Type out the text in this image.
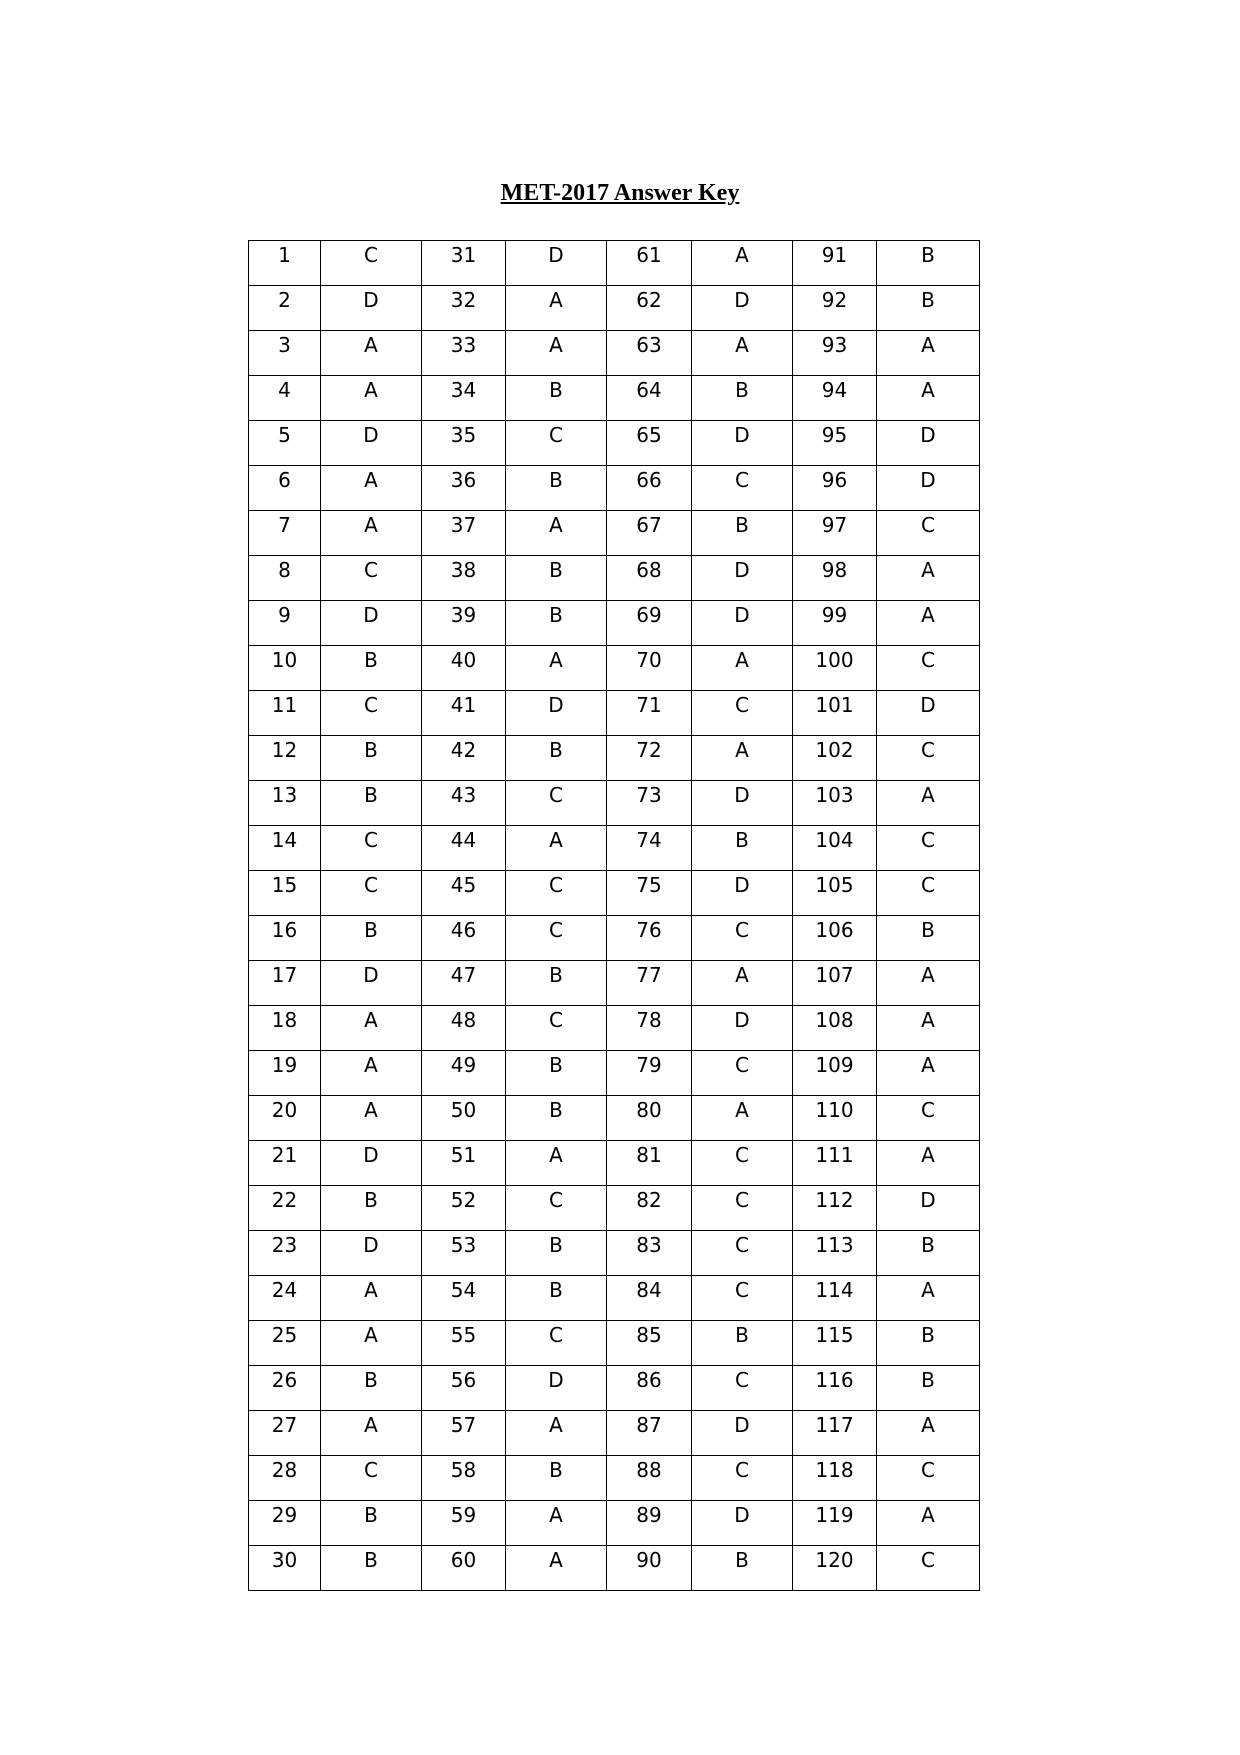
MET-2017 Answer Key
1	C	31	D	61	A	91	B

2	D	32	A	62	D	92	B

3	A	33	A	63	A	93	A

4	A	34	B	64	B	94	A

5	D	35	C	65	D	95	D

6	A	36	B	66	C	96	D

7	A	37	A	67	B	97	C

8	C	38	B	68	D	98	A

9	D	39	B	69	D	99	A

10	B	40	A	70	A	100	C

11	C	41	D	71	C	101	D

12	B	42	B	72	A	102	C

13	B	43	C	73	D	103	A

14	C	44	A	74	B	104	C

15	C	45	C	75	D	105	C

16	B	46	C	76	C	106	B

17	D	47	B	77	A	107	A

18	A	48	C	78	D	108	A

19	A	49	B	79	C	109	A

20	A	50	B	80	A	110	C

21	D	51	A	81	C	111	A

22	B	52	C	82	C	112	D

23	D	53	B	83	C	113	B

24	A	54	B	84	C	114	A

25	A	55	C	85	B	115	B

26	B	56	D	86	C	116	B

27	A	57	A	87	D	117	A

28	C	58	B	88	C	118	C

29	B	59	A	89	D	119	A

30	B	60	A	90	B	120	C
